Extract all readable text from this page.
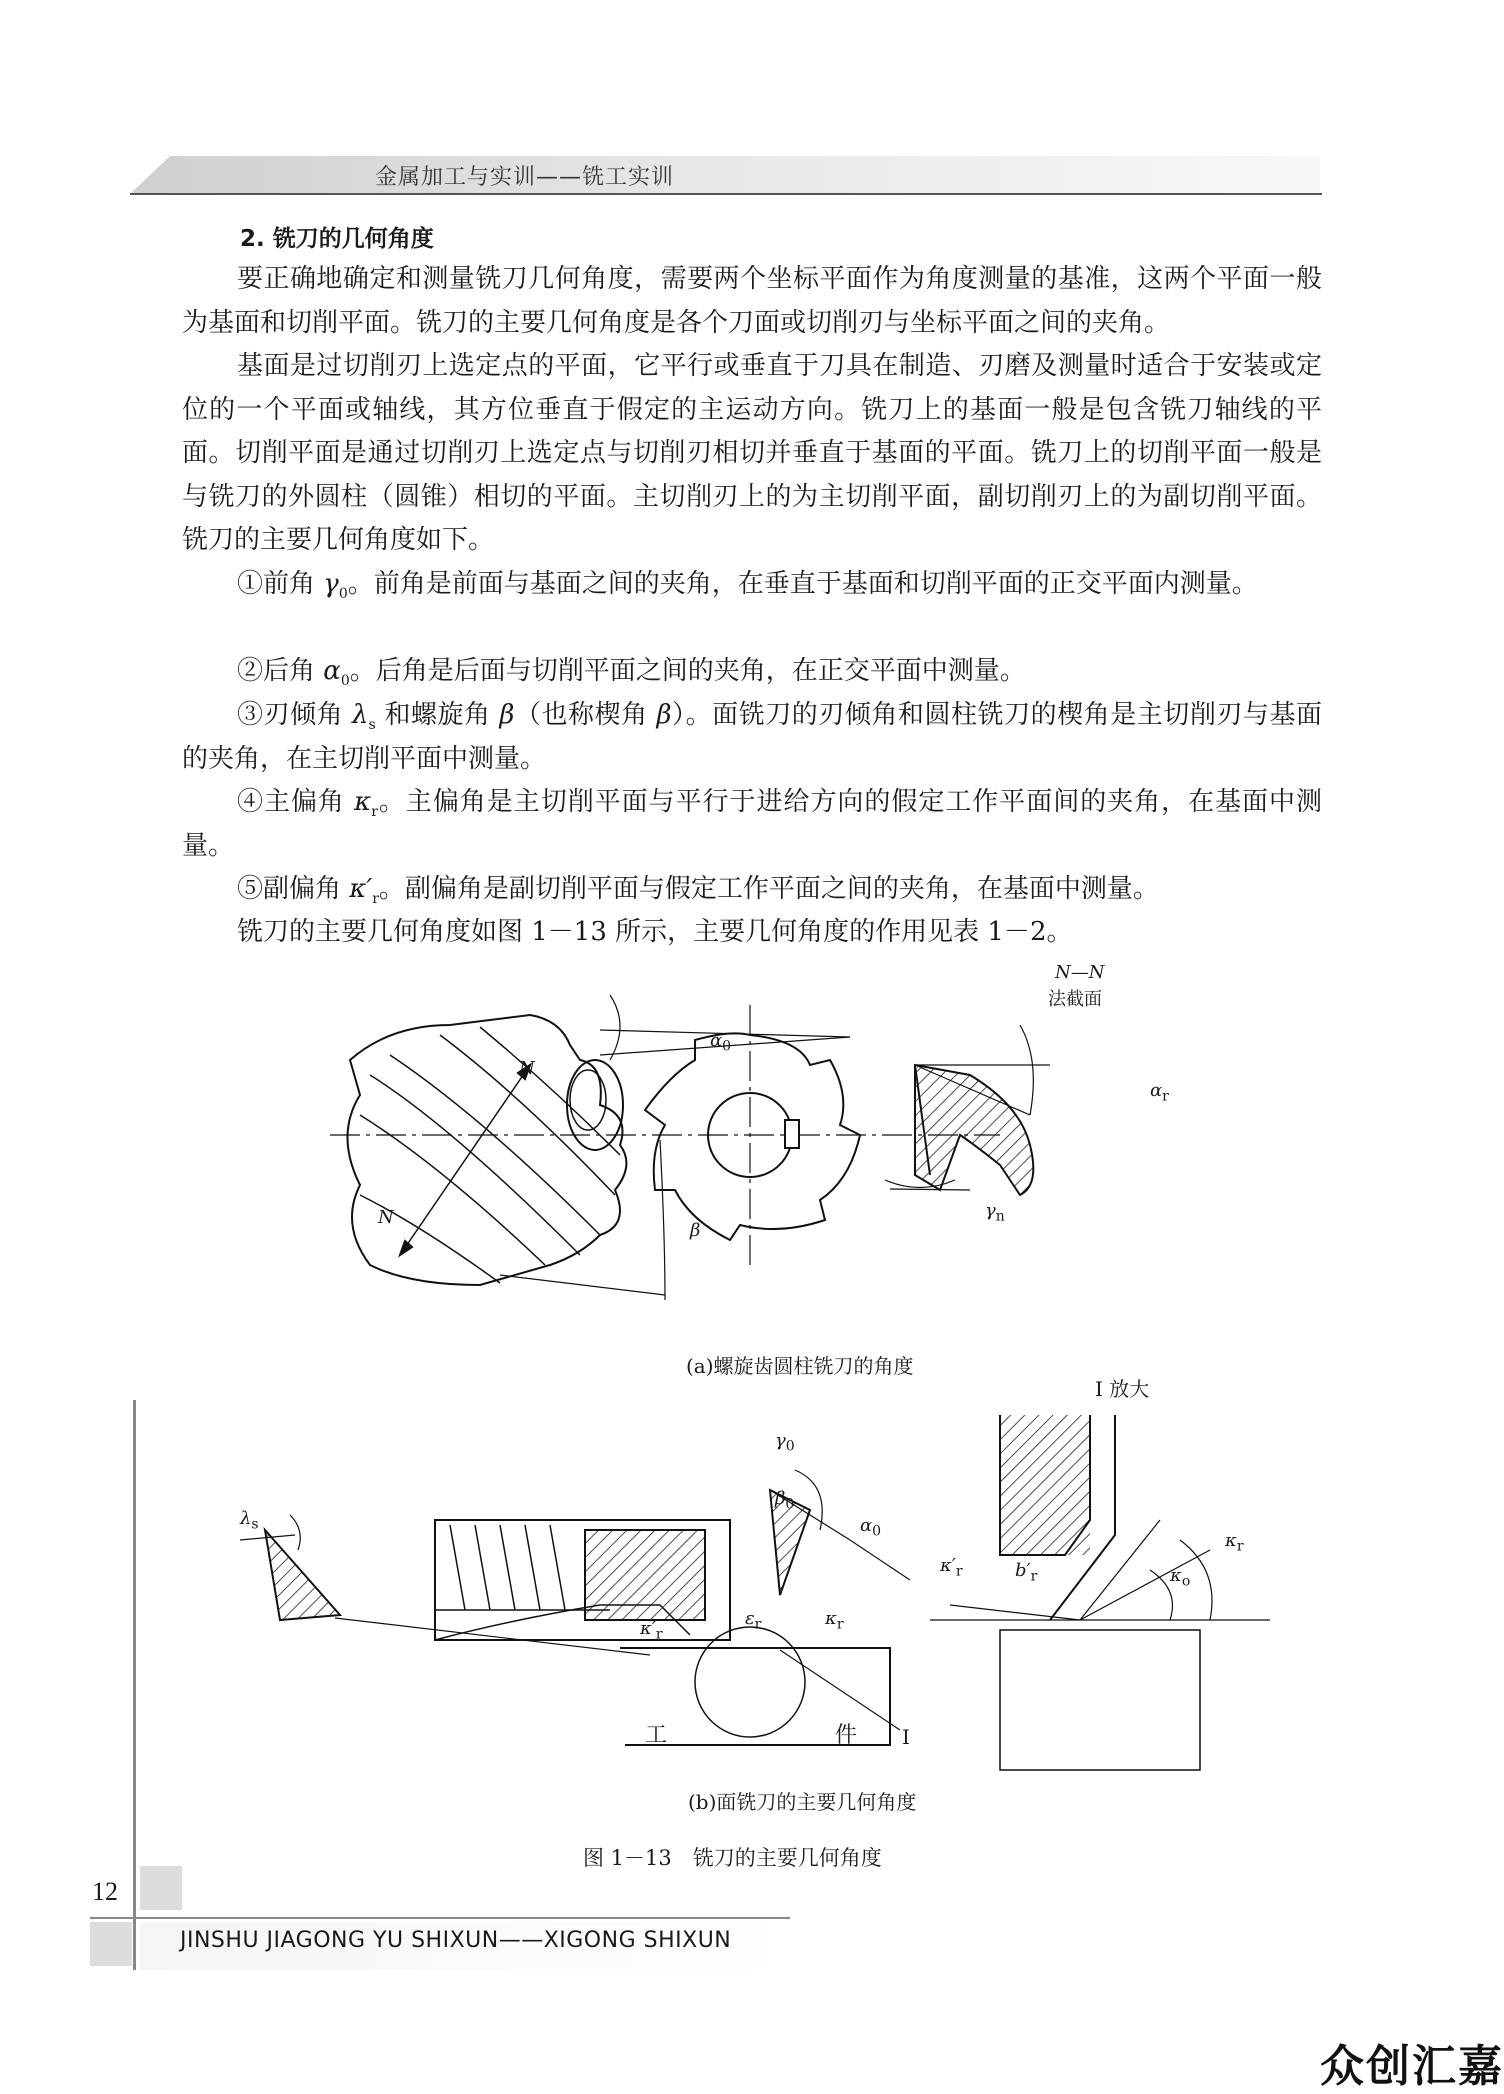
金属加工与实训——铣工实训
2. 铣刀的几何角度
要正确地确定和测量铣刀几何角度，需要两个坐标平面作为角度测量的基准，这两个平面一般为基面和切削平面。铣刀的主要几何角度是各个刀面或切削刃与坐标平面之间的夹角。
基面是过切削刃上选定点的平面，它平行或垂直于刀具在制造、刃磨及测量时适合于安装或定位的一个平面或轴线，其方位垂直于假定的主运动方向。铣刀上的基面一般是包含铣刀轴线的平面。切削平面是通过切削刃上选定点与切削刃相切并垂直于基面的平面。铣刀上的切削平面一般是与铣刀的外圆柱（圆锥）相切的平面。主切削刃上的为主切削平面，副切削刃上的为副切削平面。铣刀的主要几何角度如下。
①前角 $\gamma_0$。前角是前面与基面之间的夹角，在垂直于基面和切削平面的正交平面内测量。
②后角 $\alpha_0$。后角是后面与切削平面之间的夹角，在正交平面中测量。
③刃倾角 $\lambda_s$ 和螺旋角 β（也称楔角 β）。面铣刀的刃倾角和圆柱铣刀的楔角是主切削刃与基面的夹角，在主切削平面中测量。
④主偏角 $\kappa_r$。主偏角是主切削平面与平行于进给方向的假定工作平面间的夹角，在基面中测量。
⑤副偏角 $\kappa'_r$。副偏角是副切削平面与假定工作平面之间的夹角，在基面中测量。
铣刀的主要几何角度如图 1－13 所示，主要几何角度的作用见表 1－2。
N
N
β
$\alpha_0$
$\alpha_r$
$\gamma_n$
N—N
法截面
(a)螺旋齿圆柱铣刀的角度
$\lambda_s$
$\gamma_0$
$\beta_0$
$\alpha_0$
$\kappa'_r$
$\varepsilon_r$	$\kappa_r$
$\kappa'_r$	$b'_r$	$\kappa_o$
$\kappa_r$
Ⅰ 放大
工	件 Ⅰ
(b)面铣刀的主要几何角度
图 1－13　铣刀的主要几何角度
12
JINSHU JIAGONG YU SHIXUN——XIGONG SHIXUN
众创汇嘉
